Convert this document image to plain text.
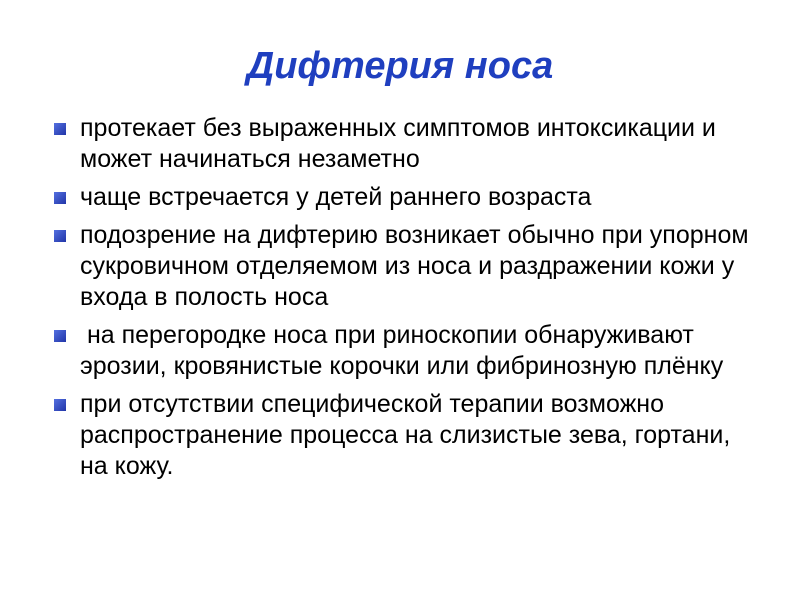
Дифтерия носа
протекает без выраженных симптомов интоксикации и может начинаться незаметно
чаще встречается у детей раннего возраста
подозрение на дифтерию возникает обычно при упорном сукровичном отделяемом из носа и раздражении кожи у входа в полость носа
на перегородке носа при риноскопии обнаруживают эрозии, кровянистые корочки или фибринозную плёнку
при отсутствии специфической терапии возможно распространение процесса на слизистые зева, гортани, на кожу.
